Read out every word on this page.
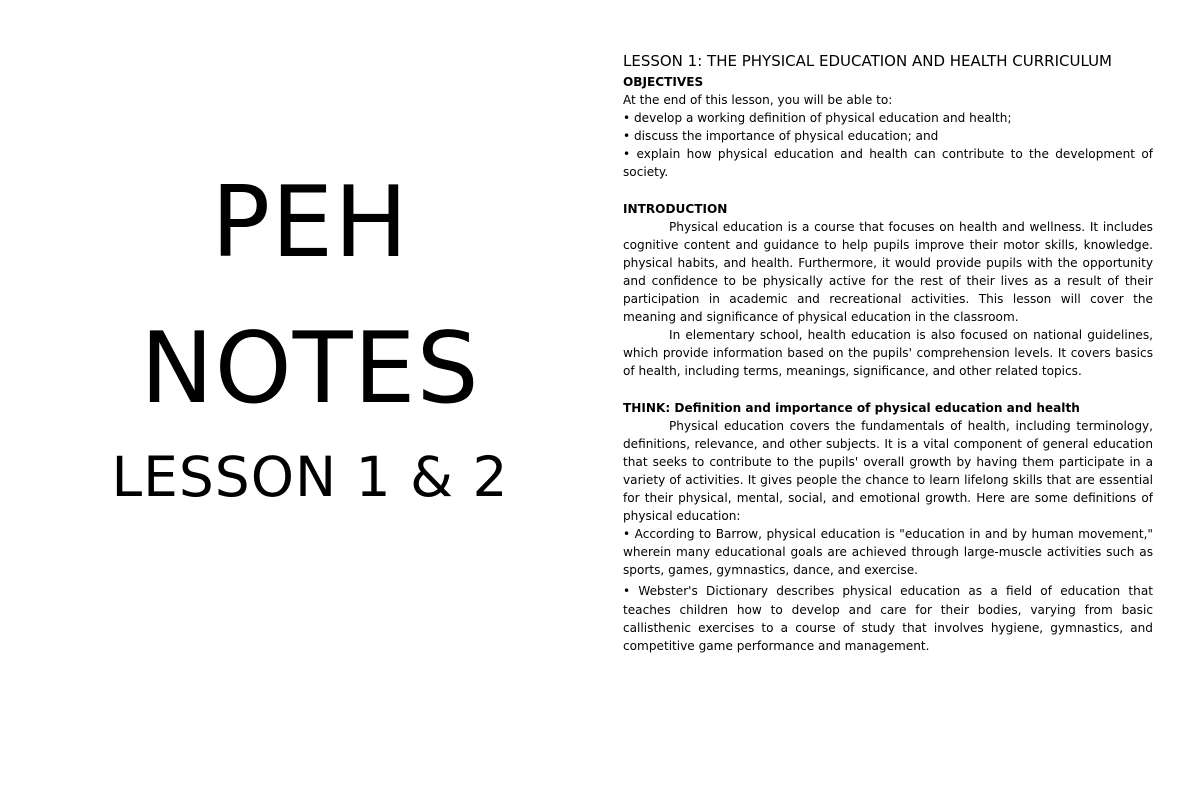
PEH
NOTES
LESSON 1 & 2
LESSON 1: THE PHYSICAL EDUCATION AND HEALTH CURRICULUM

OBJECTIVES

At the end of this lesson, you will be able to:

• develop a working definition of physical education and health;

• discuss the importance of physical education; and

• explain how physical education and health can contribute to the development of society.

INTRODUCTION

Physical education is a course that focuses on health and wellness. It includes cognitive content and guidance to help pupils improve their motor skills, knowledge. physical habits, and health. Furthermore, it would provide pupils with the opportunity and confidence to be physically active for the rest of their lives as a result of their participation in academic and recreational activities. This lesson will cover the meaning and significance of physical education in the classroom.

In elementary school, health education is also focused on national guidelines, which provide information based on the pupils' comprehension levels. It covers basics of health, including terms, meanings, significance, and other related topics.

THINK: Definition and importance of physical education and health

Physical education covers the fundamentals of health, including terminology, definitions, relevance, and other subjects. It is a vital component of general education that seeks to contribute to the pupils' overall growth by having them participate in a variety of activities. It gives people the chance to learn lifelong skills that are essential for their physical, mental, social, and emotional growth. Here are some definitions of physical education:

• According to Barrow, physical education is "education in and by human movement," wherein many educational goals are achieved through large-muscle activities such as sports, games, gymnastics, dance, and exercise.

• Webster's Dictionary describes physical education as a field of education that teaches children how to develop and care for their bodies, varying from basic callisthenic exercises to a course of study that involves hygiene, gymnastics, and competitive game performance and management.
